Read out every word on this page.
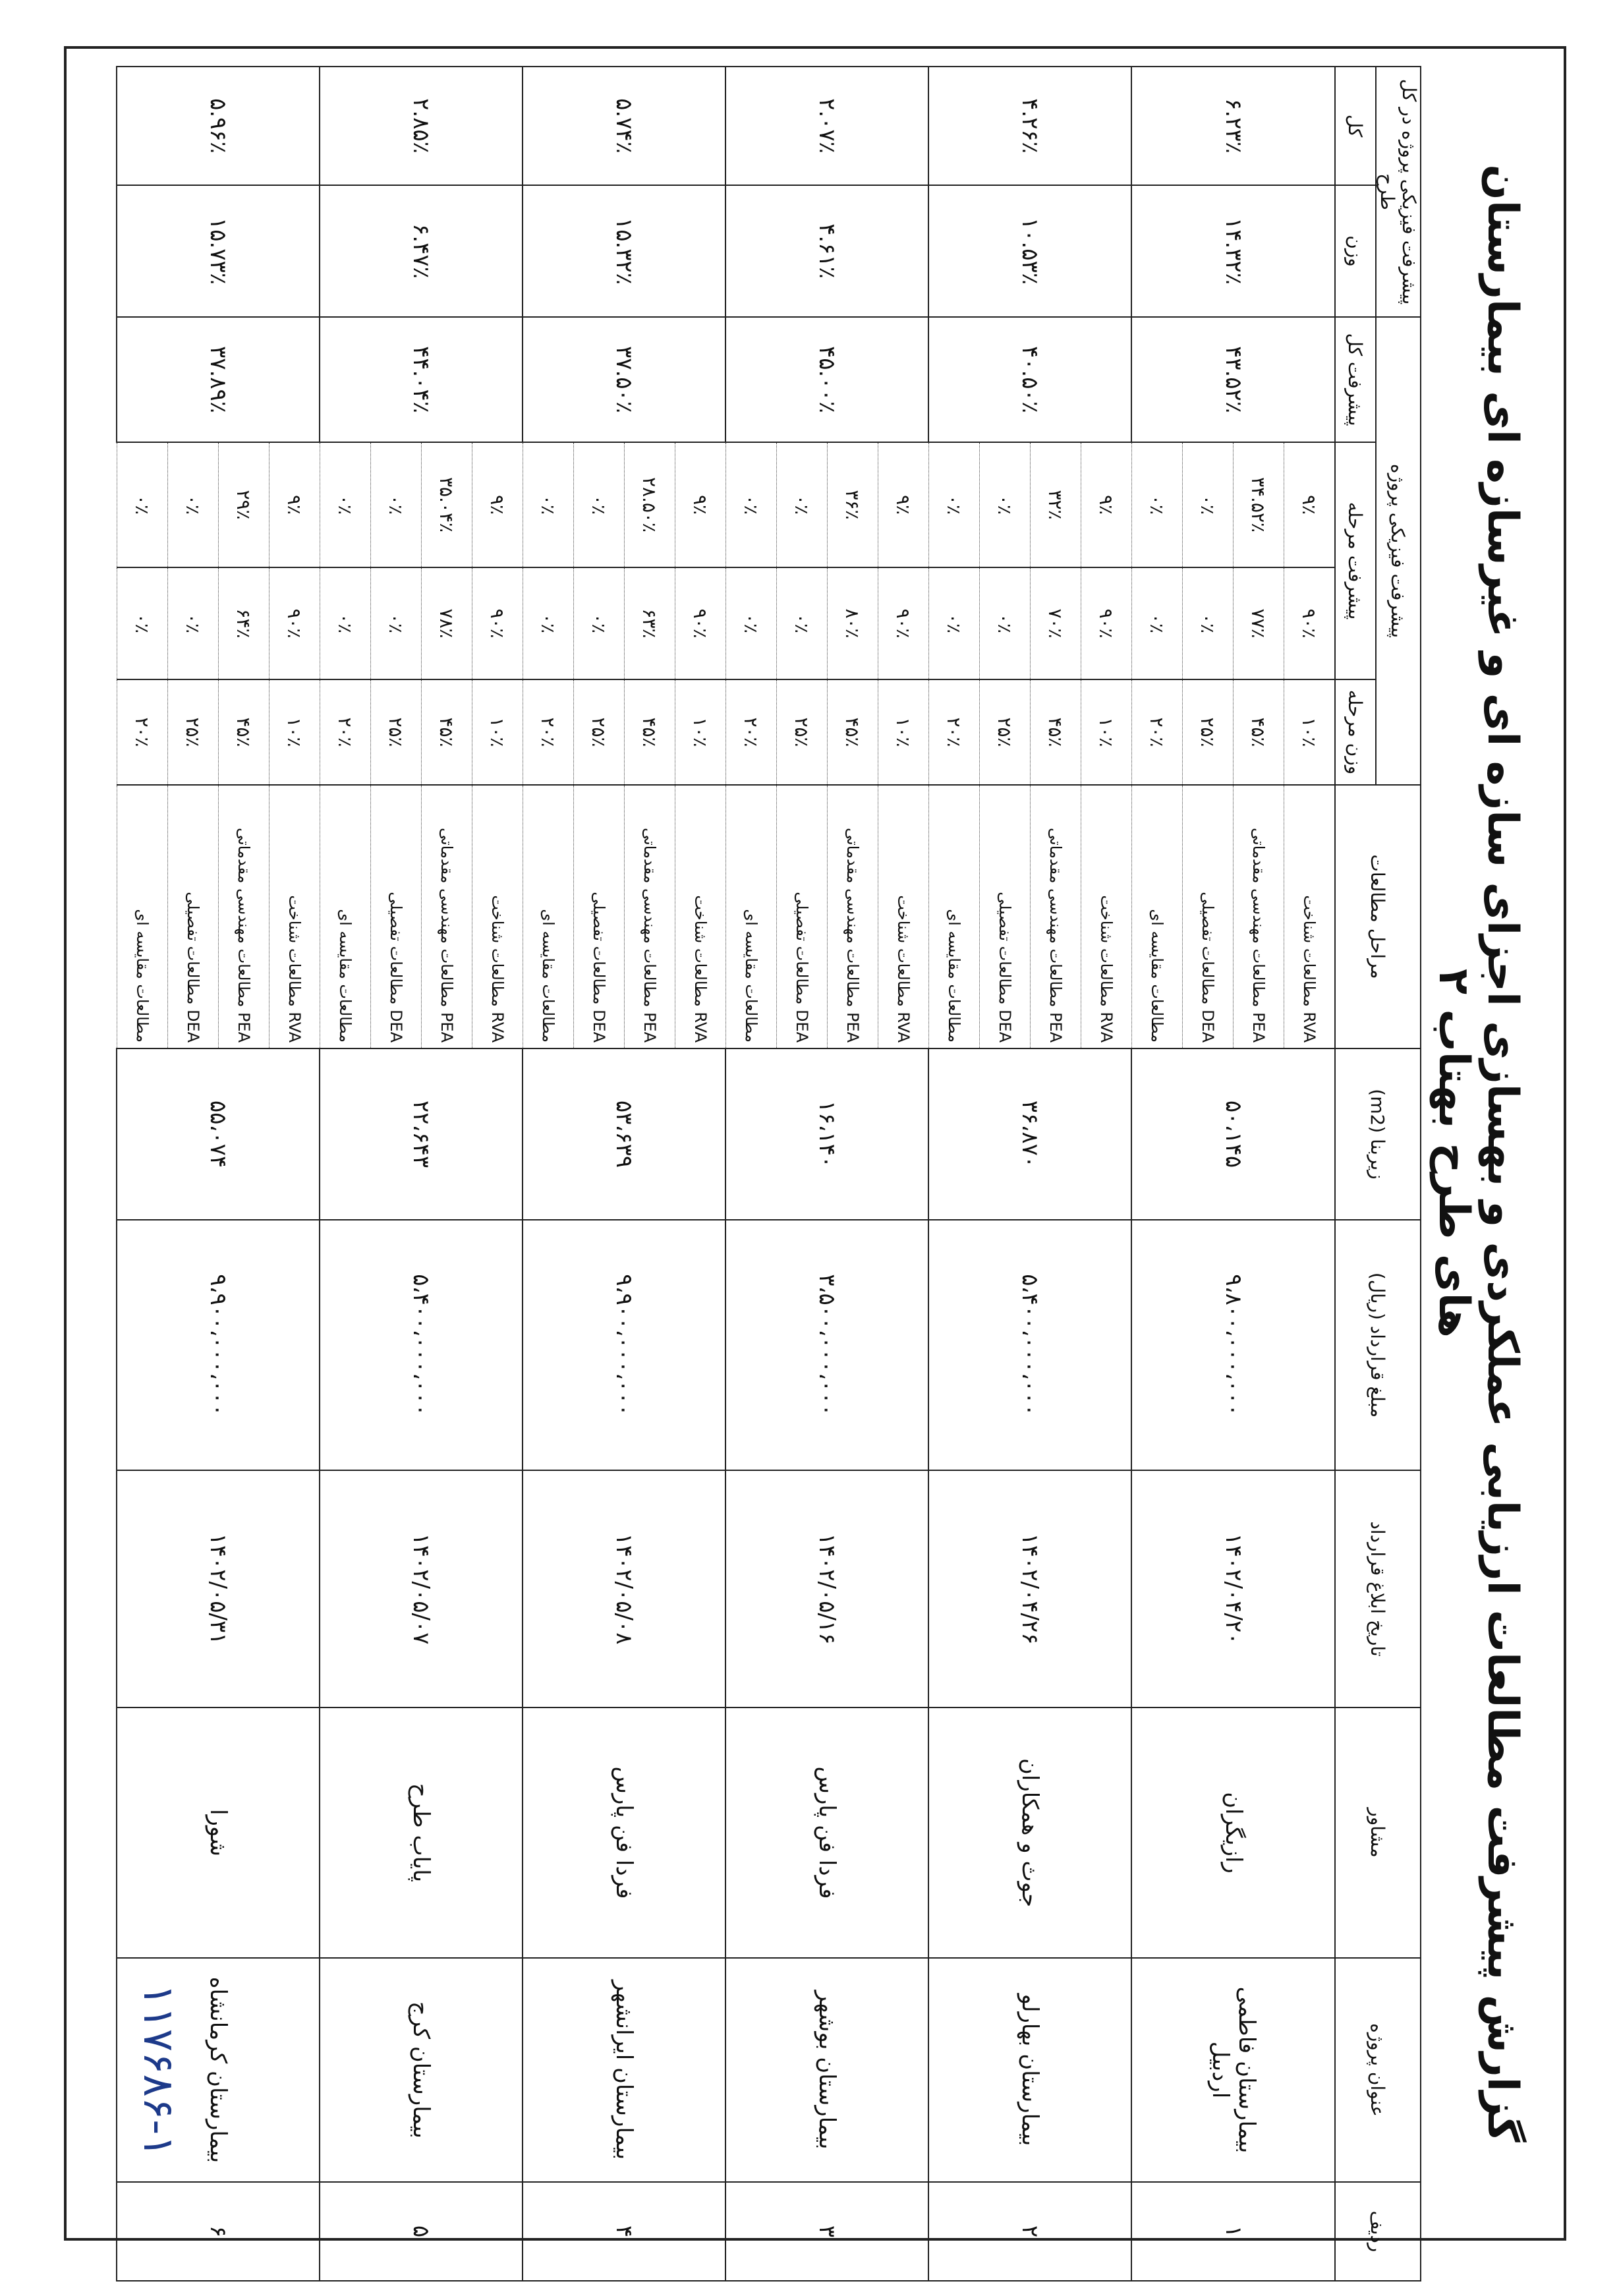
گزارش پیشرفت مطالعات ارزیابی عملکردی و بهسازی اجزای سازه ای و غیرسازه ای بیمارستان های طرح بهتاب ۲
ردیف	عنوان پروژه	مشاور	تاریخ ابلاغ قرارداد	مبلغ قرارداد (ریال)	زیربنا (m2)	مراحل مطالعات	پیشرفت فیزیکی پروژه				پیشرفت فیزیکی پروژه در کل طرح	
							وزن مرحله	پیشرفت مرحله		پیشرفت کل	وزن	کل
۱	بیمارستان فاطمی اردبیل	رازیگران	۱۴۰۲/۰۴/۲۰	۹،۸۰۰،۰۰۰،۰۰۰	۵۰،۱۴۵	RVA مطالعات شناخت	۱۰٪	۹۰٪	۹٪	۴۳.۵۲٪	۱۴.۳۲٪	۶.۲۳٪
						PEA مطالعات مهندسی مقدماتی	۴۵٪	۷۷٪	۳۴.۵۲٪			
						DEA مطالعات تفصیلی	۲۵٪	۰٪	۰٪			
						مطالعات مقایسه ای	۲۰٪	۰٪	۰٪			
۲	بیمارستان بهارلو	جوث و همکاران	۱۴۰۲/۰۴/۲۶	۵،۴۰۰،۰۰۰،۰۰۰	۳۶،۸۷۰	RVA مطالعات شناخت	۱۰٪	۹۰٪	۹٪	۴۰.۵۰٪	۱۰.۵۳٪	۴.۲۶٪
						PEA مطالعات مهندسی مقدماتی	۴۵٪	۷۰٪	۳۲٪			
						DEA مطالعات تفصیلی	۲۵٪	۰٪	۰٪			
						مطالعات مقایسه ای	۲۰٪	۰٪	۰٪			
۳	بیمارستان بوشهر	فردا فن پارس	۱۴۰۲/۰۵/۱۶	۳،۵۰۰،۰۰۰،۰۰۰	۱۶،۱۴۰	RVA مطالعات شناخت	۱۰٪	۹۰٪	۹٪	۴۵.۰۰٪	۴.۶۱٪	۲.۰۷٪
						PEA مطالعات مهندسی مقدماتی	۴۵٪	۸۰٪	۳۶٪			
						DEA مطالعات تفصیلی	۲۵٪	۰٪	۰٪			
						مطالعات مقایسه ای	۲۰٪	۰٪	۰٪			
۴	بیمارستان ایرانشهر	فردا فن پارس	۱۴۰۲/۰۵/۰۸	۹،۹۰۰،۰۰۰،۰۰۰	۵۳،۶۳۹	RVA مطالعات شناخت	۱۰٪	۹۰٪	۹٪	۳۷.۵۰٪	۱۵.۳۲٪	۵.۷۴٪
						PEA مطالعات مهندسی مقدماتی	۴۵٪	۶۳٪	۲۸.۵۰٪			
						DEA مطالعات تفصیلی	۲۵٪	۰٪	۰٪			
						مطالعات مقایسه ای	۲۰٪	۰٪	۰٪			
۵	بیمارستان کرج	پایاب طرح	۱۴۰۲/۰۵/۰۷	۵،۴۰۰،۰۰۰،۰۰۰	۲۲،۶۴۳	RVA مطالعات شناخت	۱۰٪	۹۰٪	۹٪	۴۴.۰۴٪	۶.۴۷٪	۲.۸۵٪
						PEA مطالعات مهندسی مقدماتی	۴۵٪	۷۸٪	۳۵.۰۴٪			
						DEA مطالعات تفصیلی	۲۵٪	۰٪	۰٪			
						مطالعات مقایسه ای	۲۰٪	۰٪	۰٪			
۶	بیمارستان کرمانشاه	شورا	۱۴۰۲/۰۵/۳۱	۹،۹۰۰،۰۰۰،۰۰۰	۵۵،۰۷۴	RVA مطالعات شناخت	۱۰٪	۹۰٪	۹٪	۳۷.۸۹٪	۱۵.۷۳٪	۵.۹۶٪
						PEA مطالعات مهندسی مقدماتی	۴۵٪	۶۴٪	۲۹٪			
						DEA مطالعات تفصیلی	۲۵٪	۰٪	۰٪			
						مطالعات مقایسه ای	۲۰٪	۰٪	۰٪			
۱۱۷۶۸۶-۱
